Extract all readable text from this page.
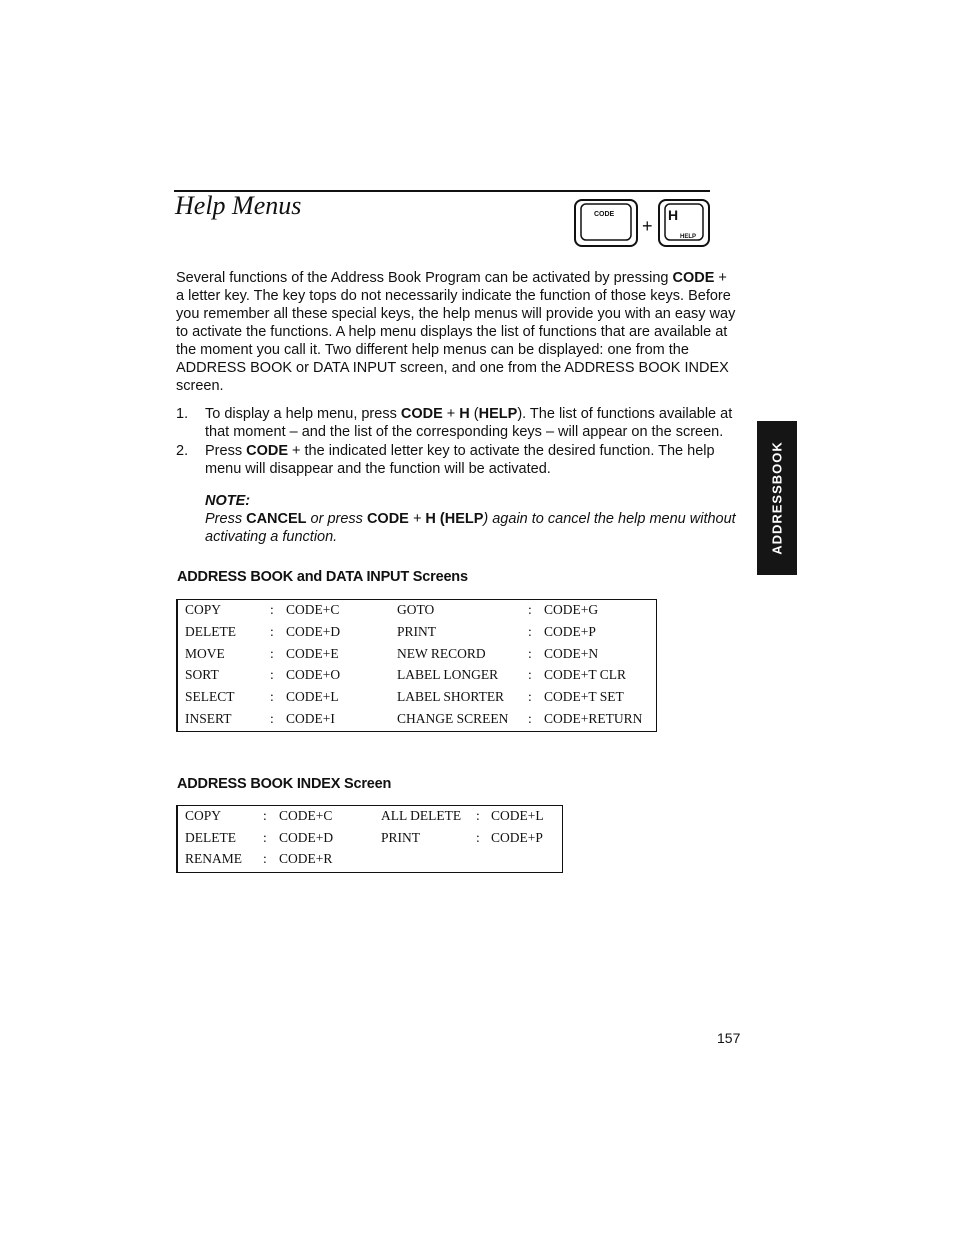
Help Menus	CODE
+
H
HELP

Several functions of the Address Book Program can be activated by pressing CODE + a letter key. The key tops do not necessarily indicate the function of those keys. Before you remember all these special keys, the help menus will provide you with an easy way to activate the functions. A help menu displays the list of functions that are available at the moment you call it. Two different help menus can be displayed: one from the ADDRESS BOOK or DATA INPUT screen, and one from the ADDRESS BOOK INDEX screen.

1. To display a help menu, press CODE + H (HELP). The list of functions available at that moment – and the list of the corresponding keys – will appear on the screen.
2. Press CODE + the indicated letter key to activate the desired function. The help menu will disappear and the function will be activated.
NOTE:
Press CANCEL or press CODE + H (HELP) again to cancel the help menu without activating a function.
ADDRESS BOOK and DATA INPUT Screens
COPY	: CODE+C	GOTO	: CODE+G
DELETE	: CODE+D	PRINT	: CODE+P
MOVE	: CODE+E	NEW RECORD	: CODE+N
SORT	: CODE+O	LABEL LONGER : CODE+T CLR
SELECT	: CODE+L	LABEL SHORTER : CODE+T SET
INSERT	: CODE+I	CHANGE SCREEN : CODE+RETURN
ADDRESS BOOK INDEX Screen
COPY	: CODE+C	ALL DELETE : CODE+L
DELETE : CODE+D	PRINT	: CODE+P
RENAME : CODE+R
ADDRESSBOOK
157
